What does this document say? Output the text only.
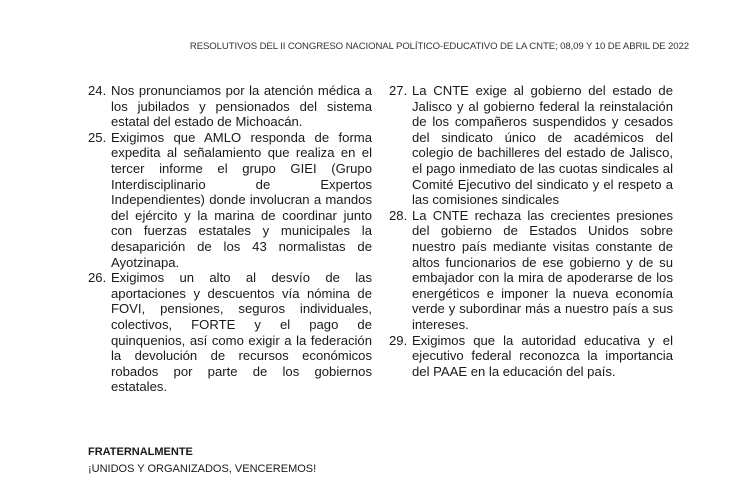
RESOLUTIVOS DEL II CONGRESO NACIONAL POLÍTICO-EDUCATIVO DE LA CNTE; 08,09 Y 10 DE ABRIL DE 2022
24. Nos pronunciamos por la atención médica a los jubilados y pensionados del sistema estatal del estado de Michoacán.
25. Exigimos que AMLO responda de forma expedita al señalamiento que realiza en el tercer informe el grupo GIEI (Grupo Interdisciplinario de Expertos Independientes) donde involucran a mandos del ejército y la marina de coordinar junto con fuerzas estatales y municipales la desaparición de los 43 normalistas de Ayotzinapa.
26. Exigimos un alto al desvío de las aportaciones y descuentos vía nómina de FOVI, pensiones, seguros individuales, colectivos, FORTE y el pago de quinquenios, así como exigir a la federación la devolución de recursos económicos robados por parte de los gobiernos estatales.
27. La CNTE exige al gobierno del estado de Jalisco y al gobierno federal la reinstalación de los compañeros suspendidos y cesados del sindicato único de académicos del colegio de bachilleres del estado de Jalisco, el pago inmediato de las cuotas sindicales al Comité Ejecutivo del sindicato y el respeto a las comisiones sindicales
28. La CNTE rechaza las crecientes presiones del gobierno de Estados Unidos sobre nuestro país mediante visitas constante de altos funcionarios de ese gobierno y de su embajador con la mira de apoderarse de los energéticos e imponer la nueva economía verde y subordinar más a nuestro país a sus intereses.
29. Exigimos que la autoridad educativa y el ejecutivo federal reconozca la importancia del PAAE en la educación del país.
FRATERNALMENTE
¡UNIDOS Y ORGANIZADOS, VENCEREMOS!
